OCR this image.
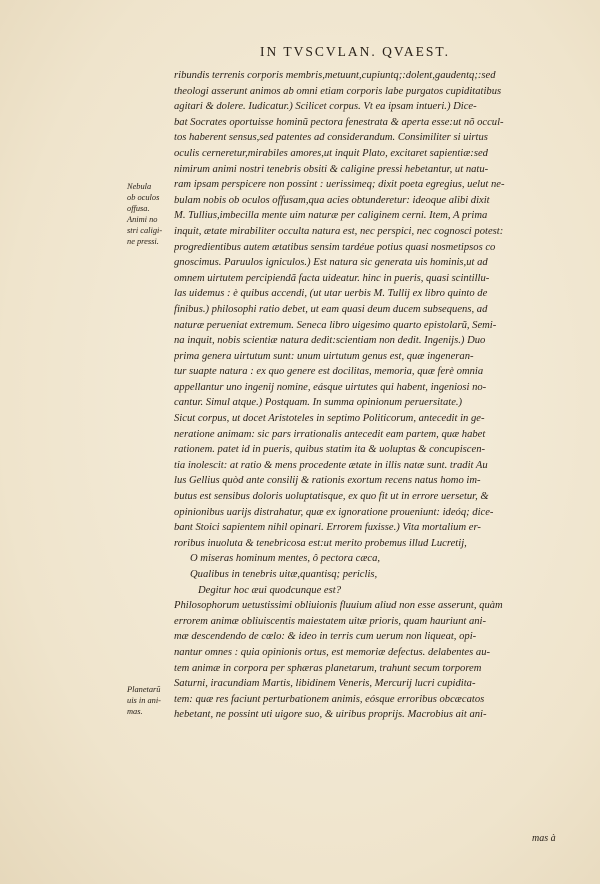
IN TVSCVLAN. QVAEST.
Nebula
ob oculos
offusa.
Animi no
stri caligi-
ne pressi.
Planetarũ
uis in ani-
mas.
ribundis terrenis corporis membris,metuunt,cupiuntq;:dolent,gaudentq;:sed
theologi asserunt animos ab omni etiam corporis labe purgatos cupiditatibus
agitari & dolere. Iudicatur.) Scilicet corpus. Vt ea ipsam intueri.) Dice-
bat Socrates oportuisse hominũ pectora fenestrata & aperta esse:ut nõ occul-
tos haberent sensus,sed patentes ad considerandum. Consimiliter si uirtus
oculis cerneretur,mirabiles amores,ut inquit Plato, excitaret sapientiæ:sed
nimirum animi nostri tenebris obsiti & caligine pressi hebetantur, ut natu-
ram ipsam perspicere non possint : uerissimeq; dixit poeta egregius, uelut ne-
bulam nobis ob oculos offusam,qua acies obtunderetur: ideoque alibi dixit
M. Tullius,imbecilla mente uim naturæ per caliginem cerni. Item, A prima
inquit, ætate mirabiliter occulta natura est, nec perspici, nec cognosci potest:
progredientibus autem ætatibus sensim tardéue potius quasi nosmetipsos co
gnoscimus. Paruulos igniculos.) Est natura sic generata uis hominis,ut ad
omnem uirtutem percipiendã facta uideatur. hinc in pueris, quasi scintillu-
las uidemus : è quibus accendi, (ut utar uerbis M. Tullij ex libro quinto de
finibus.) philosophi ratio debet, ut eam quasi deum ducem subsequens, ad
naturæ perueniat extremum. Seneca libro uigesimo quarto epistolarũ, Semi-
na inquit, nobis scientiæ natura dedit:scientiam non dedit. Ingenijs.) Duo
prima genera uirtutum sunt: unum uirtutum genus est, quæ ingeneran-
tur suapte natura : ex quo genere est docilitas, memoria, quæ ferè omnia
appellantur uno ingenij nomine, eásque uirtutes qui habent, ingeniosi no-
cantur. Simul atque.) Postquam. In summa opinionum peruersitate.)
Sicut corpus, ut docet Aristoteles in septimo Politicorum, antecedit in ge-
neratione animam: sic pars irrationalis antecedit eam partem, quæ habet
rationem. patet id in pueris, quibus statim ita & uoluptas & concupiscen-
tia inolescit: at ratio & mens procedente ætate in illis natæ sunt. tradit Au
lus Gellius quòd ante consilij & rationis exortum recens natus homo im-
butus est sensibus doloris uoluptatisque, ex quo fit ut in errore uersetur, &
opinionibus uarijs distrahatur, quæ ex ignoratione proueniunt: ideóq; dice-
bant Stoici sapientem nihil opinari. Errorem fuxisse.) Vita mortalium er-
roribus inuoluta & tenebricosa est:ut merito probemus illud Lucretij,
O miseras hominum mentes, ô pectora cæca,
Qualibus in tenebris uitæ,quantisq; periclis,
Degitur hoc æui quodcunque est?
Philosophorum uetustissimi obliuionis fluuium aliud non esse asserunt, quàm
errorem animæ obliuiscentis maiestatem uitæ prioris, quam hauriunt ani-
mæ descendendo de cœlo: & ideo in terris cum uerum non liqueat, opi-
nantur omnes : quia opinionis ortus, est memoriæ defectus. delabentes au-
tem animæ in corpora per sphæras planetarum, trahunt secum torporem
Saturni, iracundiam Martis, libidinem Veneris, Mercurij lucri cupidita-
tem: quæ res faciunt perturbationem animis, eósque erroribus obcæcatos
hebetant, ne possint uti uigore suo, & uiribus proprijs. Macrobius ait ani-
mas à
